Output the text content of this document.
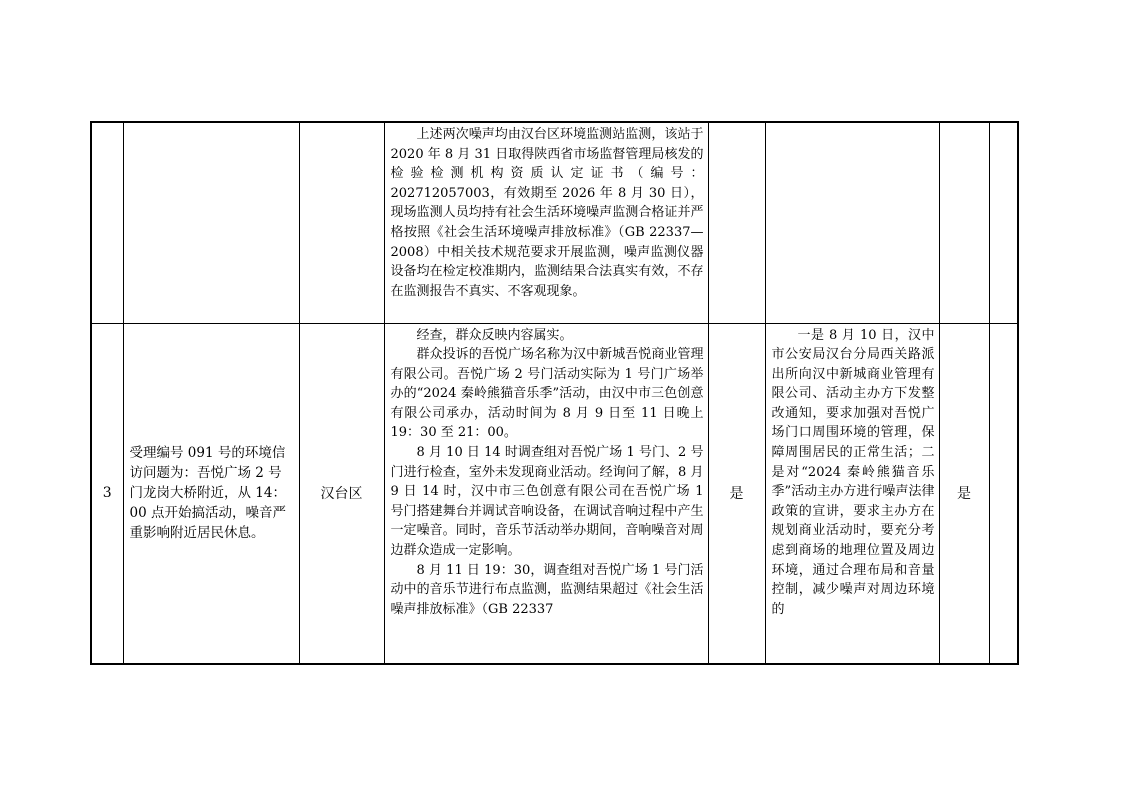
			上述两次噪声均由汉台区环境监测站监测，该站于 2020 年 8 月 31 日取得陕西省市场监督管理局核发的检验检测机构资质认定证书（编号：202712057003，有效期至 2026 年 8 月 30 日），现场监测人员均持有社会生活环境噪声监测合格证并严格按照《社会生活环境噪声排放标准》（GB 22337—2008）中相关技术规范要求开展监测，噪声监测仪器设备均在检定校准期内，监测结果合法真实有效，不存在监测报告不真实、不客观现象。				

3	受理编号 091 号的环境信访问题为：吾悦广场 2 号门龙岗大桥附近，从 14：00 点开始搞活动，噪音严重影响附近居民休息。	汉台区	经查，群众反映内容属实。

群众投诉的吾悦广场名称为汉中新城吾悦商业管理有限公司。吾悦广场 2 号门活动实际为 1 号门广场举办的“2024 秦岭熊猫音乐季”活动，由汉中市三色创意有限公司承办，活动时间为 8 月 9 日至 11 日晚上 19：30 至 21：00。

8 月 10 日 14 时调查组对吾悦广场 1 号门、2 号门进行检查，室外未发现商业活动。经询问了解，8 月 9 日 14 时，汉中市三色创意有限公司在吾悦广场 1 号门搭建舞台并调试音响设备，在调试音响过程中产生一定噪音。同时，音乐节活动举办期间，音响噪音对周边群众造成一定影响。

8 月 11 日 19：30，调查组对吾悦广场 1 号门活动中的音乐节进行布点监测，监测结果超过《社会生活噪声排放标准》（GB 22337	是	一是 8 月 10 日，汉中市公安局汉台分局西关路派出所向汉中新城商业管理有限公司、活动主办方下发整改通知，要求加强对吾悦广场门口周围环境的管理，保障周围居民的正常生活；二是对“2024 秦岭熊猫音乐季”活动主办方进行噪声法律政策的宣讲，要求主办方在规划商业活动时，要充分考虑到商场的地理位置及周边环境，通过合理布局和音量控制，减少噪声对周边环境的	是	
